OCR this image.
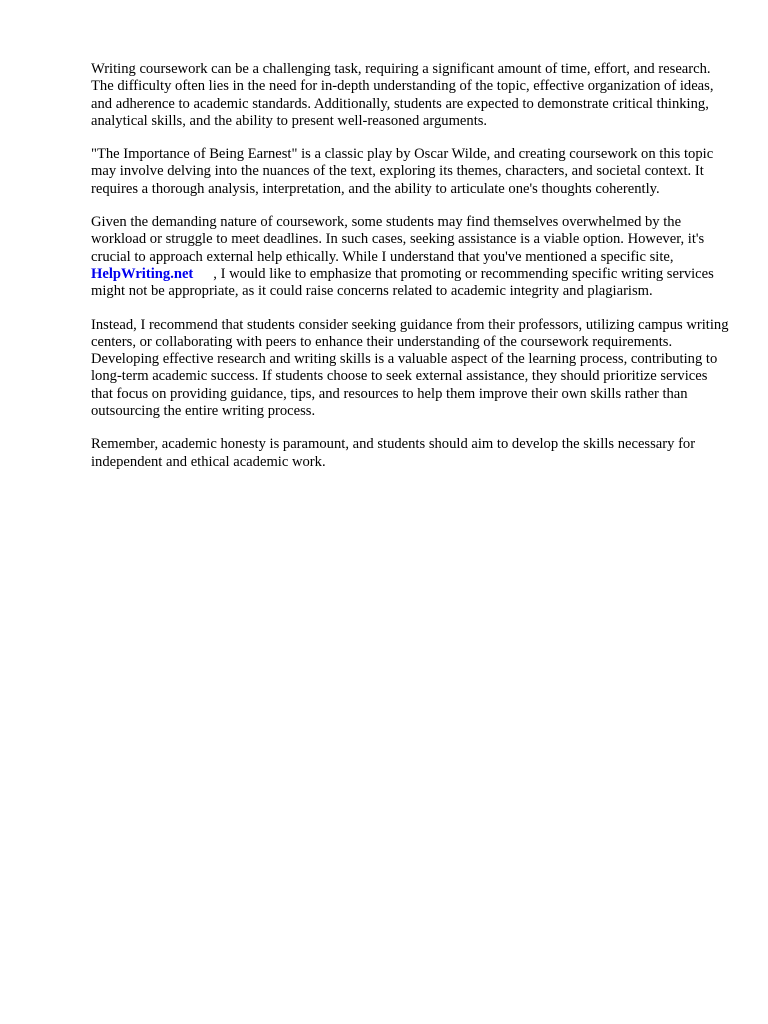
Writing coursework can be a challenging task, requiring a significant amount of time, effort, and research. The difficulty often lies in the need for in-depth understanding of the topic, effective organization of ideas, and adherence to academic standards. Additionally, students are expected to demonstrate critical thinking, analytical skills, and the ability to present well-reasoned arguments.

"The Importance of Being Earnest" is a classic play by Oscar Wilde, and creating coursework on this topic may involve delving into the nuances of the text, exploring its themes, characters, and societal context. It requires a thorough analysis, interpretation, and the ability to articulate one's thoughts coherently.

Given the demanding nature of coursework, some students may find themselves overwhelmed by the workload or struggle to meet deadlines. In such cases, seeking assistance is a viable option. However, it's crucial to approach external help ethically. While I understand that you've mentioned a specific site,HelpWriting.net , I would like to emphasize that promoting or recommending specific writing services might not be appropriate, as it could raise concerns related to academic integrity and plagiarism.

Instead, I recommend that students consider seeking guidance from their professors, utilizing campus writing centers, or collaborating with peers to enhance their understanding of the coursework requirements. Developing effective research and writing skills is a valuable aspect of the learning process, contributing to long-term academic success. If students choose to seek external assistance, they should prioritize services that focus on providing guidance, tips, and resources to help them improve their own skills rather than outsourcing the entire writing process.

Remember, academic honesty is paramount, and students should aim to develop the skills necessary for independent and ethical academic work.
